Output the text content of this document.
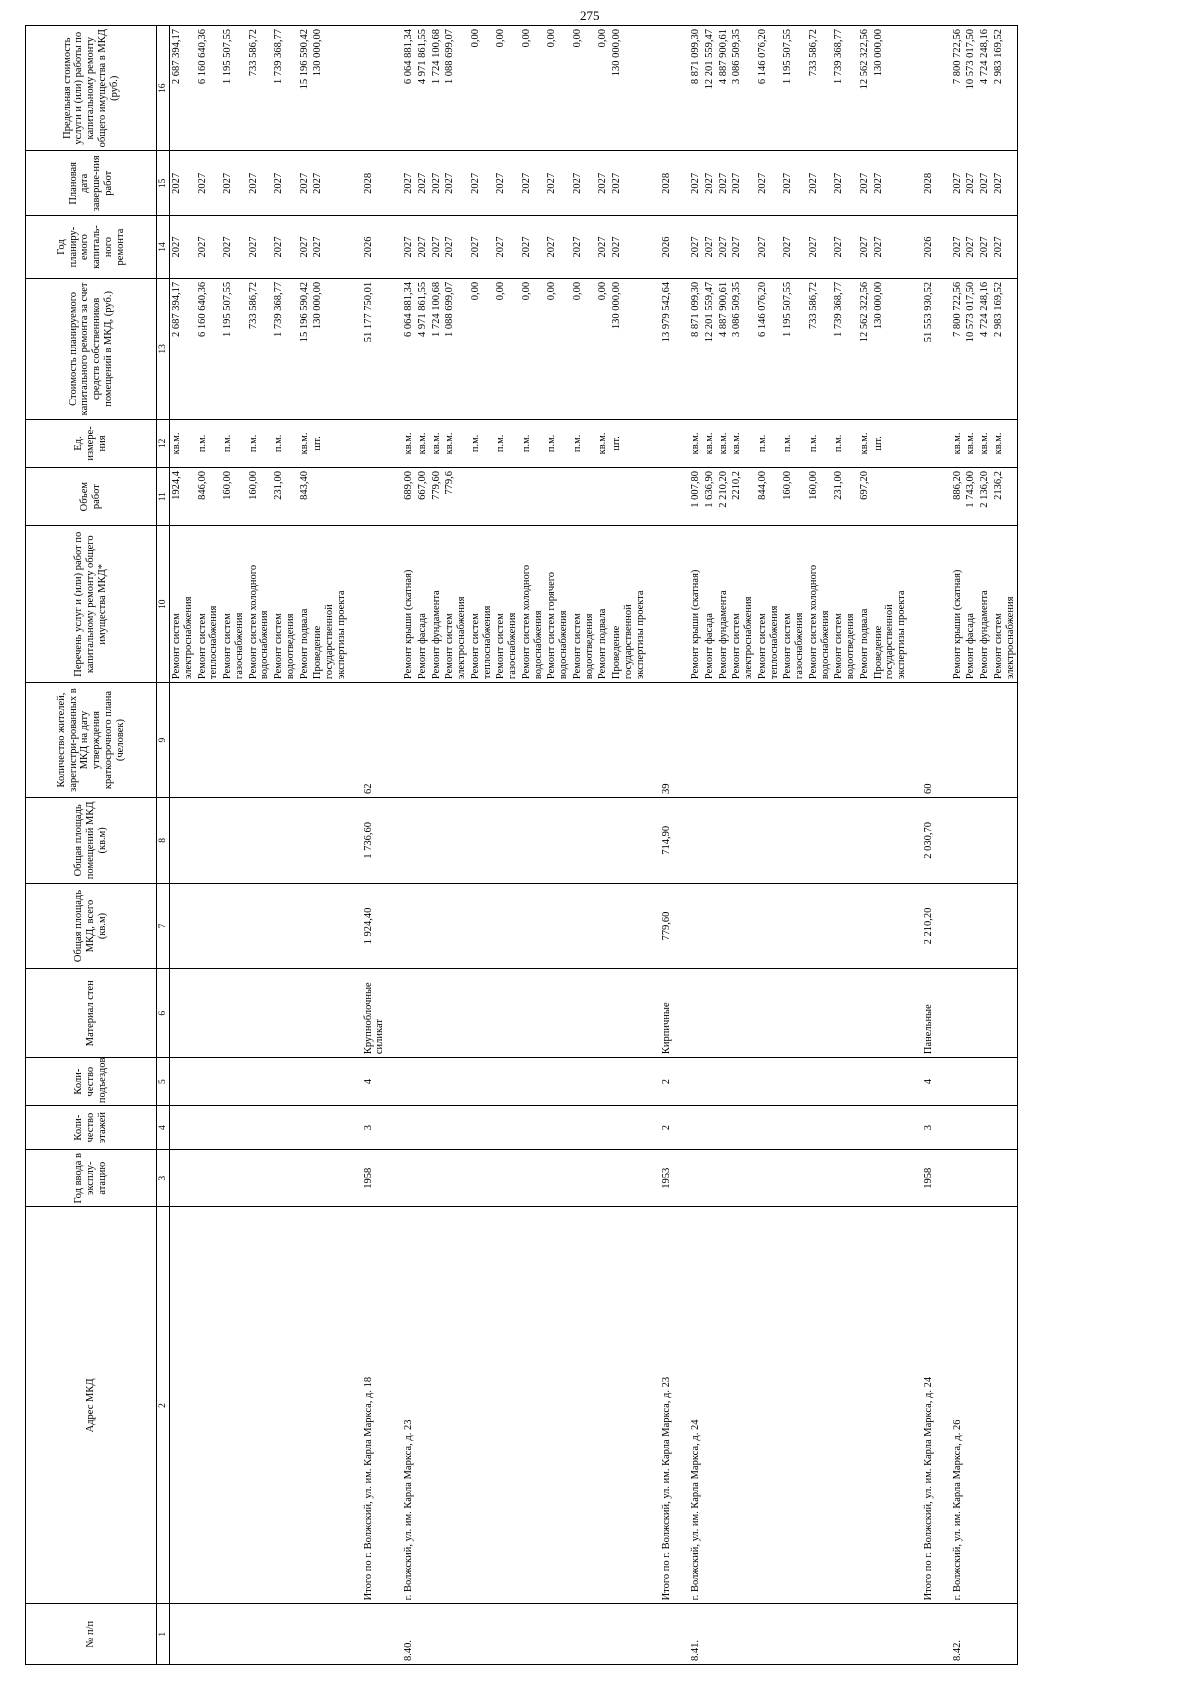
275
№ п/п	Адрес МКД	Год ввода в эксплу-атацию	Коли-чество этажей	Коли-чество подъездов	Материал стен	Общая площадь МКД, всего (кв.м)	Общая площадь помещений МКД (кв.м)	Количество жителей, зарегистри-рованных в МКД на дату утверждения краткосрочного плана (человек)	Перечень услуг и (или) работ по капитальному ремонту общего имущества МКД*	Объем работ	Ед. измере-ния	Стоимость планируемого капитального ремонта за счет средств собственников помещений в МКД, (руб.)	Год планиру-емого капиталь-ного ремонта	Плановая дата заверше-ния работ	Предельная стоимость услуги и (или) работы по капитальному ремонту общего имущества в МКД (руб.)
1	2	3	4	5	6	7	8	9	10	11	12	13	14	15	16
									Ремонт систем
электроснабжения	1924,4	кв.м.	2 687 394,17	2027	2027	2 687 394,17
									Ремонт систем
теплоснабжения	846,00	п.м.	6 160 640,36	2027	2027	6 160 640,36
									Ремонт систем
газоснабжения	160,00	п.м.	1 195 507,55	2027	2027	1 195 507,55
									Ремонт систем холодного
водоснабжения	160,00	п.м.	733 586,72	2027	2027	733 586,72
									Ремонт систем
водоотведения	231,00	п.м.	1 739 368,77	2027	2027	1 739 368,77
									Ремонт подвала	843,40	кв.м.	15 196 590,42	2027	2027	15 196 590,42
									Проведение
государственной
экспертизы проекта		шт.	130 000,00	2027	2027	130 000,00
	Итого по г. Волжский, ул. им. Карла Маркса, д. 18	1958	3	4	Крупноблочные
силикат	1 924,40	1 736,60	62				51 177 750,01	2026	2028	
8.40.	г. Волжский, ул. им. Карла Маркса, д. 23								Ремонт крыши (скатная)	689,00	кв.м.	6 064 881,34	2027	2027	6 064 881,34
									Ремонт фасада	667,00	кв.м.	4 971 861,55	2027	2027	4 971 861,55
									Ремонт фундамента	779,60	кв.м.	1 724 100,68	2027	2027	1 724 100,68
									Ремонт систем
электроснабжения	779,6	кв.м.	1 088 699,07	2027	2027	1 088 699,07
									Ремонт систем
теплоснабжения		п.м.	0,00	2027	2027	0,00
									Ремонт систем
газоснабжения		п.м.	0,00	2027	2027	0,00
									Ремонт систем холодного
водоснабжения		п.м.	0,00	2027	2027	0,00
									Ремонт систем горячего
водоснабжения		п.м.	0,00	2027	2027	0,00
									Ремонт систем
водоотведения		п.м.	0,00	2027	2027	0,00
									Ремонт подвала		кв.м.	0,00	2027	2027	0,00
									Проведение
государственной
экспертизы проекта		шт.	130 000,00	2027	2027	130 000,00
	Итого по г. Волжский, ул. им. Карла Маркса, д. 23	1953	2	2	Кирпичные	779,60	714,90	39				13 979 542,64	2026	2028	
8.41.	г. Волжский, ул. им. Карла Маркса, д. 24								Ремонт крыши (скатная)	1 007,80	кв.м.	8 871 099,30	2027	2027	8 871 099,30
									Ремонт фасада	1 636,90	кв.м.	12 201 559,47	2027	2027	12 201 559,47
									Ремонт фундамента	2 210,20	кв.м.	4 887 900,61	2027	2027	4 887 900,61
									Ремонт систем
электроснабжения	2210,2	кв.м.	3 086 509,35	2027	2027	3 086 509,35
									Ремонт систем
теплоснабжения	844,00	п.м.	6 146 076,20	2027	2027	6 146 076,20
									Ремонт систем
газоснабжения	160,00	п.м.	1 195 507,55	2027	2027	1 195 507,55
									Ремонт систем холодного
водоснабжения	160,00	п.м.	733 586,72	2027	2027	733 586,72
									Ремонт систем
водоотведения	231,00	п.м.	1 739 368,77	2027	2027	1 739 368,77
									Ремонт подвала	697,20	кв.м.	12 562 322,56	2027	2027	12 562 322,56
									Проведение
государственной
экспертизы проекта		шт.	130 000,00	2027	2027	130 000,00
	Итого по г. Волжский, ул. им. Карла Маркса, д. 24	1958	3	4	Панельные	2 210,20	2 030,70	60				51 553 930,52	2026	2028	
8.42.	г. Волжский, ул. им. Карла Маркса, д. 26								Ремонт крыши (скатная)	886,20	кв.м.	7 800 722,56	2027	2027	7 800 722,56
									Ремонт фасада	1 743,00	кв.м.	10 573 017,50	2027	2027	10 573 017,50
									Ремонт фундамента	2 136,20	кв.м.	4 724 248,16	2027	2027	4 724 248,16
									Ремонт систем
электроснабжения	2136,2	кв.м.	2 983 169,52	2027	2027	2 983 169,52
